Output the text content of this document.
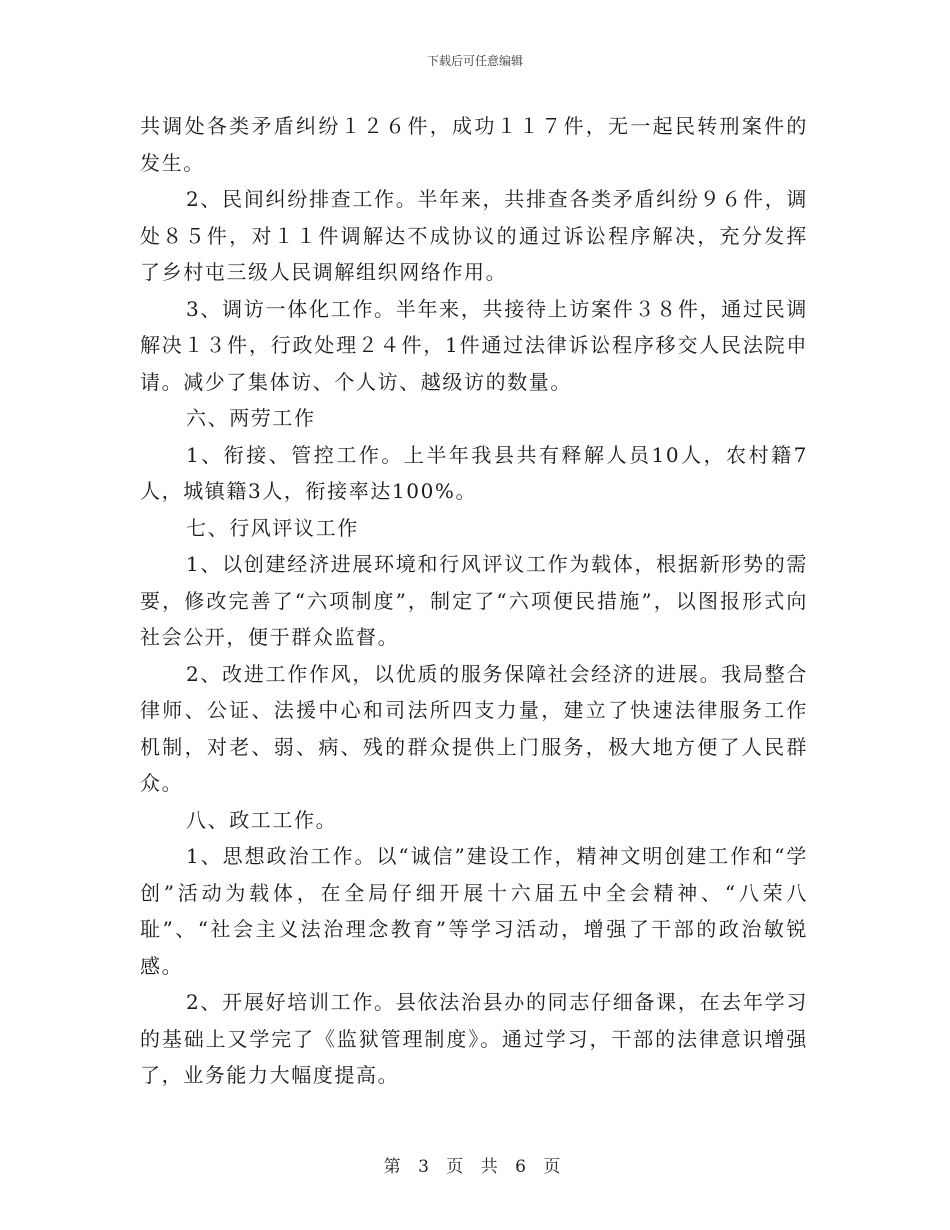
下载后可任意编辑

共调处各类矛盾纠纷１２６件，成功１１７件，无一起民转刑案件的发生。

2、民间纠纷排查工作。半年来，共排查各类矛盾纠纷９６件，调处８５件，对１１件调解达不成协议的通过诉讼程序解决，充分发挥了乡村屯三级人民调解组织网络作用。

3、调访一体化工作。半年来，共接待上访案件３８件，通过民调解决１３件，行政处理２４件，1件通过法律诉讼程序移交人民法院申请。减少了集体访、个人访、越级访的数量。

六、两劳工作

1、衔接、管控工作。上半年我县共有释解人员10人，农村籍7人，城镇籍3人，衔接率达100%。

七、行风评议工作

1、以创建经济进展环境和行风评议工作为载体，根据新形势的需要，修改完善了“六项制度”，制定了“六项便民措施”，以图报形式向社会公开，便于群众监督。

2、改进工作作风，以优质的服务保障社会经济的进展。我局整合律师、公证、法援中心和司法所四支力量，建立了快速法律服务工作机制，对老、弱、病、残的群众提供上门服务，极大地方便了人民群众。

八、政工工作。

1、思想政治工作。以“诚信”建设工作，精神文明创建工作和“学创”活动为载体，在全局仔细开展十六届五中全会精神、“八荣八耻”、“社会主义法治理念教育”等学习活动，增强了干部的政治敏锐感。

2、开展好培训工作。县依法治县办的同志仔细备课，在去年学习的基础上又学完了《监狱管理制度》。通过学习，干部的法律意识增强了，业务能力大幅度提高。

第 3 页 共 6 页
